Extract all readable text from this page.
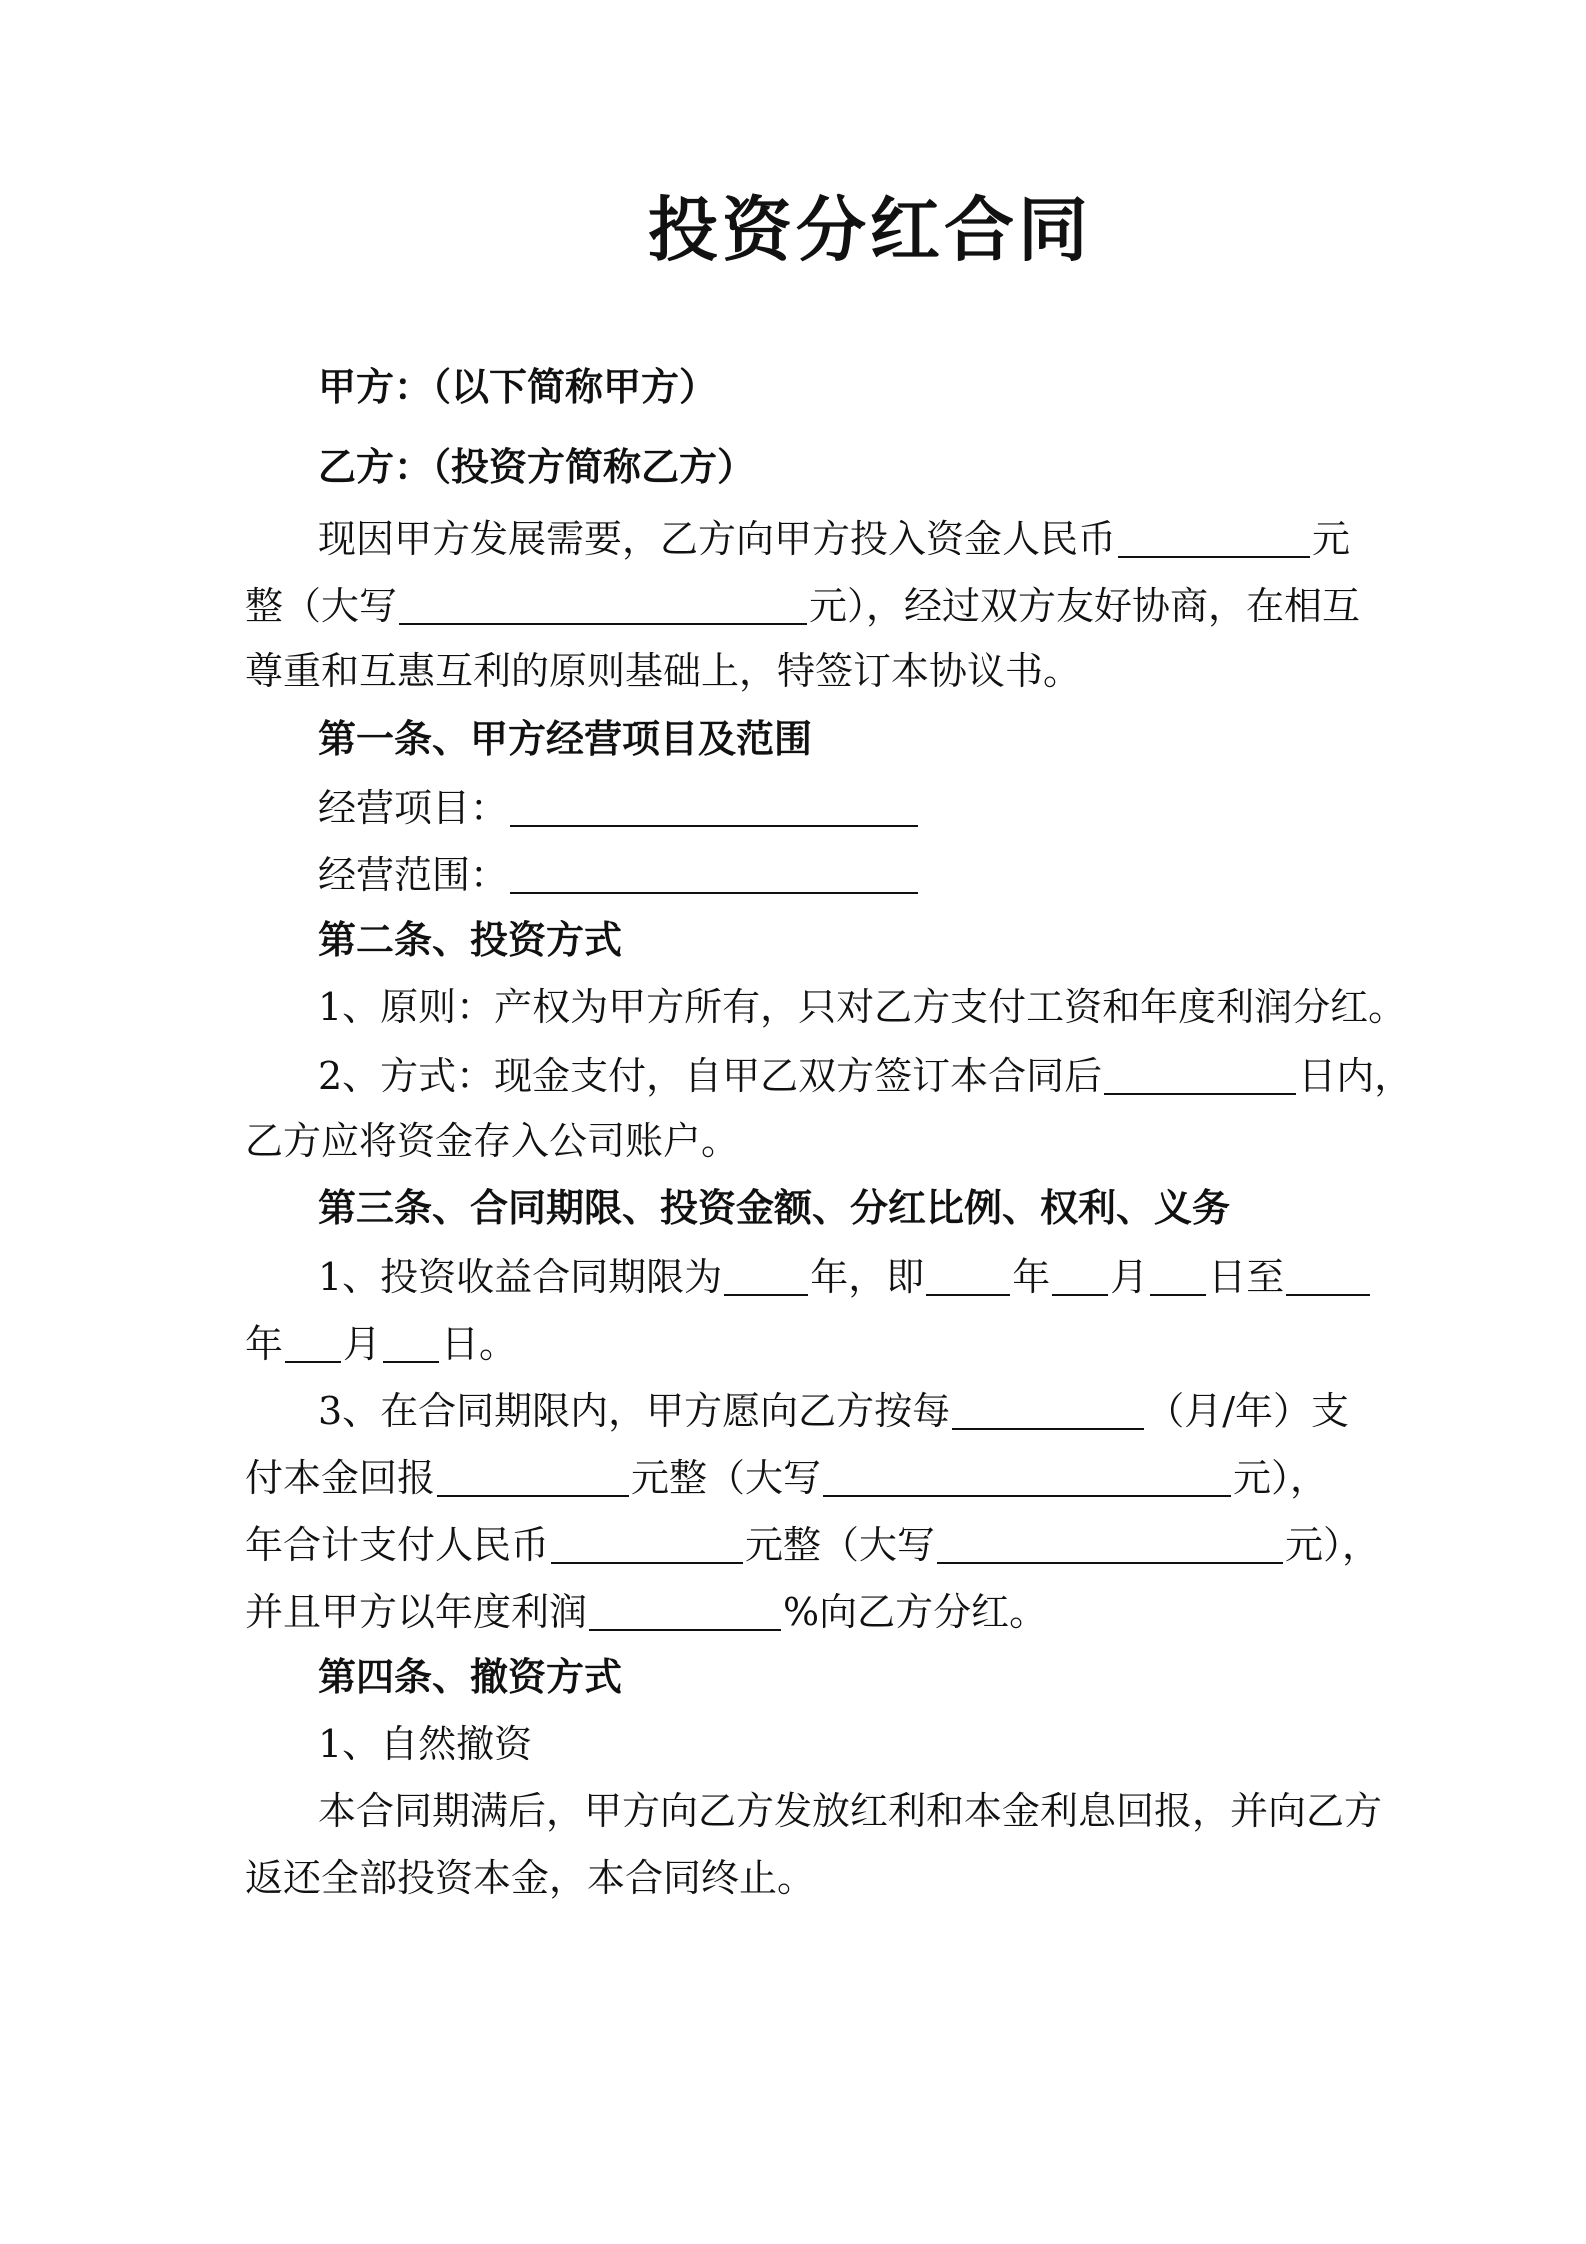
投资分红合同
甲方：（以下简称甲方）
乙方：（投资方简称乙方）
现因甲方发展需要，乙方向甲方投入资金人民币	元
整（大写	元），经过双方友好协商，在相互
尊重和互惠互利的原则基础上，特签订本协议书。
第一条、甲方经营项目及范围
经营项目：
经营范围：
第二条、投资方式
1、原则：产权为甲方所有，只对乙方支付工资和年度利润分红。
2、方式：现金支付，自甲乙双方签订本合同后	日内，
乙方应将资金存入公司账户。
第三条、合同期限、投资金额、分红比例、权利、义务
1、投资收益合同期限为 年，即 年 月 日至
年 月 日。
3、在合同期限内，甲方愿向乙方按每	（月/年）支
付本金回报	元整（大写	元），
年合计支付人民币	元整（大写	元），
并且甲方以年度利润	%向乙方分红。
第四条、撤资方式
1、自然撤资
本合同期满后，甲方向乙方发放红利和本金利息回报，并向乙方
返还全部投资本金，本合同终止。
